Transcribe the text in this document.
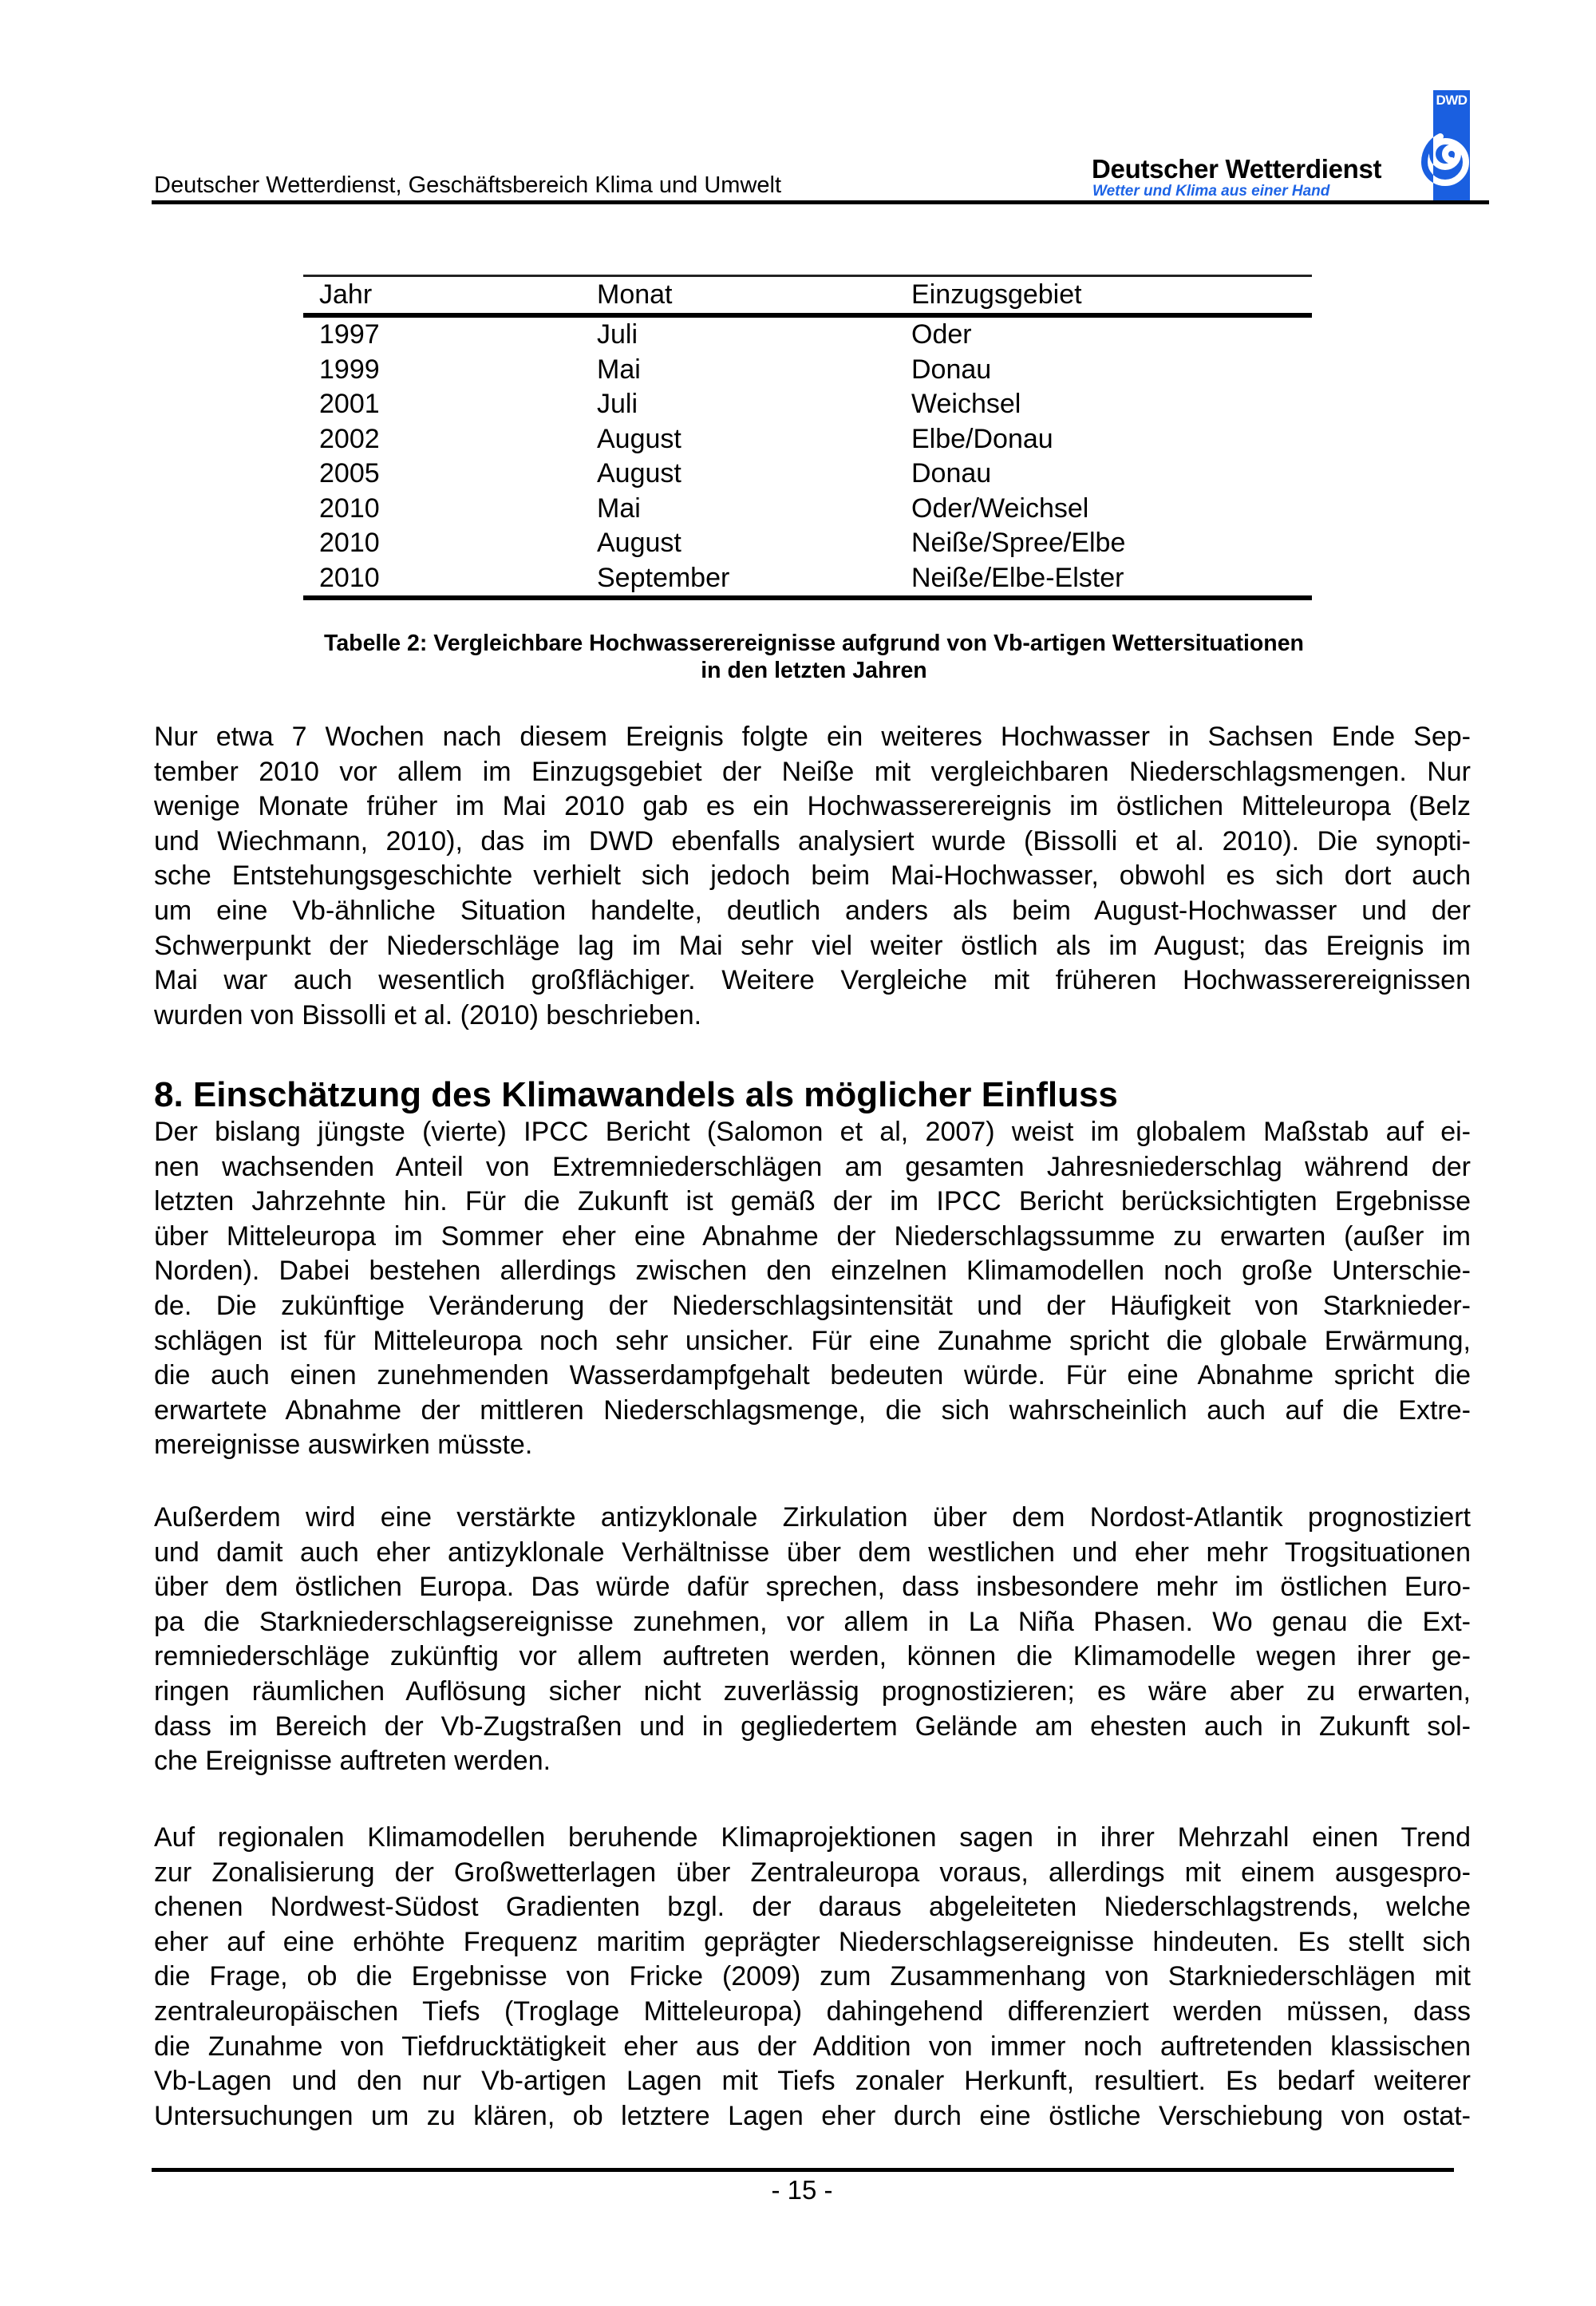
Deutscher Wetterdienst, Geschäftsbereich Klima und Umwelt
Deutscher Wetterdienst
Wetter und Klima aus einer Hand
DWD
Jahr	Monat	Einzugsgebiet
1997	Juli	Oder
1999	Mai	Donau
2001	Juli	Weichsel
2002	August	Elbe/Donau
2005	August	Donau
2010	Mai	Oder/Weichsel
2010	August	Neiße/Spree/Elbe
2010	September	Neiße/Elbe-Elster
Tabelle 2: Vergleichbare Hochwasserereignisse aufgrund von Vb-artigen Wettersituationen
in den letzten Jahren
Nur etwa 7 Wochen nach diesem Ereignis folgte ein weiteres Hochwasser in Sachsen Ende Sep-
tember 2010 vor allem im Einzugsgebiet der Neiße mit vergleichbaren Niederschlagsmengen. Nur
wenige Monate früher im Mai 2010 gab es ein Hochwasserereignis im östlichen Mitteleuropa (Belz
und Wiechmann, 2010), das im DWD ebenfalls analysiert wurde (Bissolli et al. 2010). Die synopti-
sche Entstehungsgeschichte verhielt sich jedoch beim Mai-Hochwasser, obwohl es sich dort auch
um eine Vb-ähnliche Situation handelte, deutlich anders als beim August-Hochwasser und der
Schwerpunkt der Niederschläge lag im Mai sehr viel weiter östlich als im August; das Ereignis im
Mai war auch wesentlich großflächiger. Weitere Vergleiche mit früheren Hochwasserereignissen
wurden von Bissolli et al. (2010) beschrieben.
8. Einschätzung des Klimawandels als möglicher Einfluss
Der bislang jüngste (vierte) IPCC Bericht (Salomon et al, 2007) weist im globalem Maßstab auf ei-
nen wachsenden Anteil von Extremniederschlägen am gesamten Jahresniederschlag während der
letzten Jahrzehnte hin. Für die Zukunft ist gemäß der im IPCC Bericht berücksichtigten Ergebnisse
über Mitteleuropa im Sommer eher eine Abnahme der Niederschlagssumme zu erwarten (außer im
Norden). Dabei bestehen allerdings zwischen den einzelnen Klimamodellen noch große Unterschie-
de. Die zukünftige Veränderung der Niederschlagsintensität und der Häufigkeit von Starknieder-
schlägen ist für Mitteleuropa noch sehr unsicher. Für eine Zunahme spricht die globale Erwärmung,
die auch einen zunehmenden Wasserdampfgehalt bedeuten würde. Für eine Abnahme spricht die
erwartete Abnahme der mittleren Niederschlagsmenge, die sich wahrscheinlich auch auf die Extre-
mereignisse auswirken müsste.
Außerdem wird eine verstärkte antizyklonale Zirkulation über dem Nordost-Atlantik prognostiziert
und damit auch eher antizyklonale Verhältnisse über dem westlichen und eher mehr Trogsituationen
über dem östlichen Europa. Das würde dafür sprechen, dass insbesondere mehr im östlichen Euro-
pa die Starkniederschlagsereignisse zunehmen, vor allem in La Niña Phasen. Wo genau die Ext-
remniederschläge zukünftig vor allem auftreten werden, können die Klimamodelle wegen ihrer ge-
ringen räumlichen Auflösung sicher nicht zuverlässig prognostizieren; es wäre aber zu erwarten,
dass im Bereich der Vb-Zugstraßen und in gegliedertem Gelände am ehesten auch in Zukunft sol-
che Ereignisse auftreten werden.
Auf regionalen Klimamodellen beruhende Klimaprojektionen sagen in ihrer Mehrzahl einen Trend
zur Zonalisierung der Großwetterlagen über Zentraleuropa voraus, allerdings mit einem ausgespro-
chenen Nordwest-Südost Gradienten bzgl. der daraus abgeleiteten Niederschlagstrends, welche
eher auf eine erhöhte Frequenz maritim geprägter Niederschlagsereignisse hindeuten. Es stellt sich
die Frage, ob die Ergebnisse von Fricke (2009) zum Zusammenhang von Starkniederschlägen mit
zentraleuropäischen Tiefs (Troglage Mitteleuropa) dahingehend differenziert werden müssen, dass
die Zunahme von Tiefdrucktätigkeit eher aus der Addition von immer noch auftretenden klassischen
Vb-Lagen und den nur Vb-artigen Lagen mit Tiefs zonaler Herkunft, resultiert. Es bedarf weiterer
Untersuchungen um zu klären, ob letztere Lagen eher durch eine östliche Verschiebung von ostat-
- 15 -
